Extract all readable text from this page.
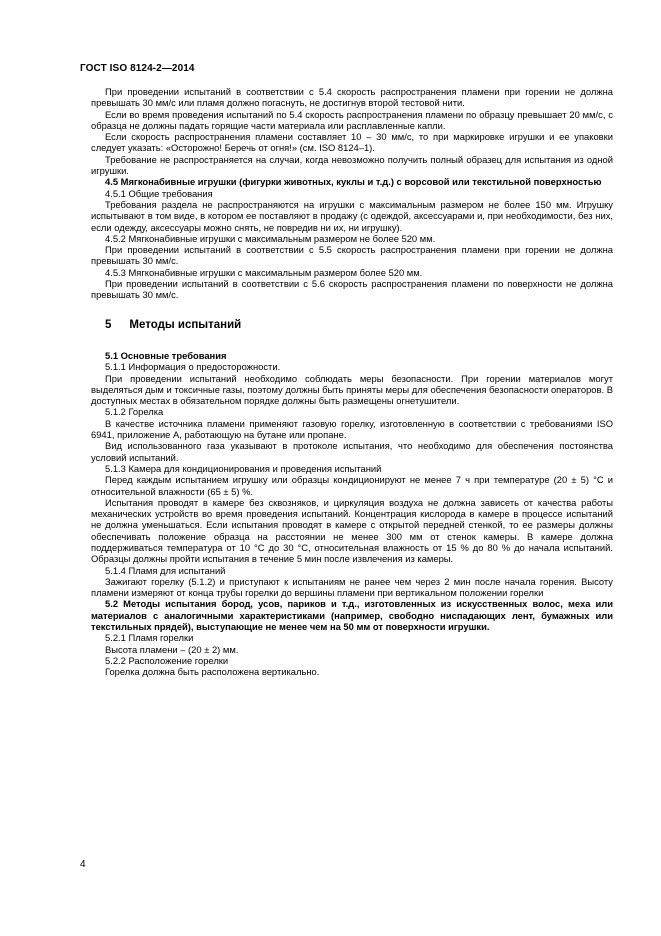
ГОСТ ISO 8124-2—2014

При проведении испытаний в соответствии с 5.4 скорость распространения пламени при горении не должна превышать 30 мм/с или пламя должно погаснуть, не достигнув второй тестовой нити.

Если во время проведения испытаний по 5.4 скорость распространения пламени по образцу превышает 20 мм/с, с образца не должны падать горящие части материала или расплавленные капли.

Если скорость распространения пламени составляет 10 – 30 мм/с, то при маркировке игрушки и ее упаковки следует указать: «Осторожно! Беречь от огня!» (см. ISO 8124–1).

Требование не распространяется на случаи, когда невозможно получить полный образец для испытания из одной игрушки.

4.5 Мягконабивные игрушки (фигурки животных, куклы и т.д.) с ворсовой или текстильной поверхностью

4.5.1 Общие требования

Требования раздела не распространяются на игрушки с максимальным размером не более 150 мм. Игрушку испытывают в том виде, в котором ее поставляют в продажу (с одеждой, аксессуарами и, при необходимости, без них, если одежду, аксессуары можно снять, не повредив ни их, ни игрушку).

4.5.2 Мягконабивные игрушки с максимальным размером не более 520 мм.

При проведении испытаний в соответствии с 5.5 скорость распространения пламени при горении не должна превышать 30 мм/с.

4.5.3 Мягконабивные игрушки с максимальным размером более 520 мм.

При проведении испытаний в соответствии с 5.6 скорость распространения пламени по поверхности не должна превышать 30 мм/с.

5 Методы испытаний

5.1 Основные требования

5.1.1 Информация о предосторожности.

При проведении испытаний необходимо соблюдать меры безопасности. При горении материалов могут выделяться дым и токсичные газы, поэтому должны быть приняты меры для обеспечения безопасности операторов. В доступных местах в обязательном порядке должны быть размещены огнетушители.

5.1.2 Горелка

В качестве источника пламени применяют газовую горелку, изготовленную в соответствии с требованиями ISO 6941, приложение A, работающую на бутане или пропане.

Вид использованного газа указывают в протоколе испытания, что необходимо для обеспечения постоянства условий испытаний.

5.1.3 Камера для кондиционирования и проведения испытаний

Перед каждым испытанием игрушку или образцы кондиционируют не менее 7 ч при температуре (20 ± 5) °C и относительной влажности (65 ± 5) %.

Испытания проводят в камере без сквозняков, и циркуляция воздуха не должна зависеть от качества работы механических устройств во время проведения испытаний. Концентрация кислорода в камере в процессе испытаний не должна уменьшаться. Если испытания проводят в камере с открытой передней стенкой, то ее размеры должны обеспечивать положение образца на расстоянии не менее 300 мм от стенок камеры. В камере должна поддерживаться температура от 10 °C до 30 °C, относительная влажность от 15 % до 80 % до начала испытаний. Образцы должны пройти испытания в течение 5 мин после извлечения из камеры.

5.1.4 Пламя для испытаний

Зажигают горелку (5.1.2) и приступают к испытаниям не ранее чем через 2 мин после начала горения. Высоту пламени измеряют от конца трубы горелки до вершины пламени при вертикальном положении горелки

5.2 Методы испытания бород, усов, париков и т.д., изготовленных из искусственных волос, меха или материалов с аналогичными характеристиками (например, свободно ниспадающих лент, бумажных или текстильных прядей), выступающие не менее чем на 50 мм от поверхности игрушки.

5.2.1 Пламя горелки

Высота пламени – (20 ± 2) мм.

5.2.2 Расположение горелки

Горелка должна быть расположена вертикально.

4
